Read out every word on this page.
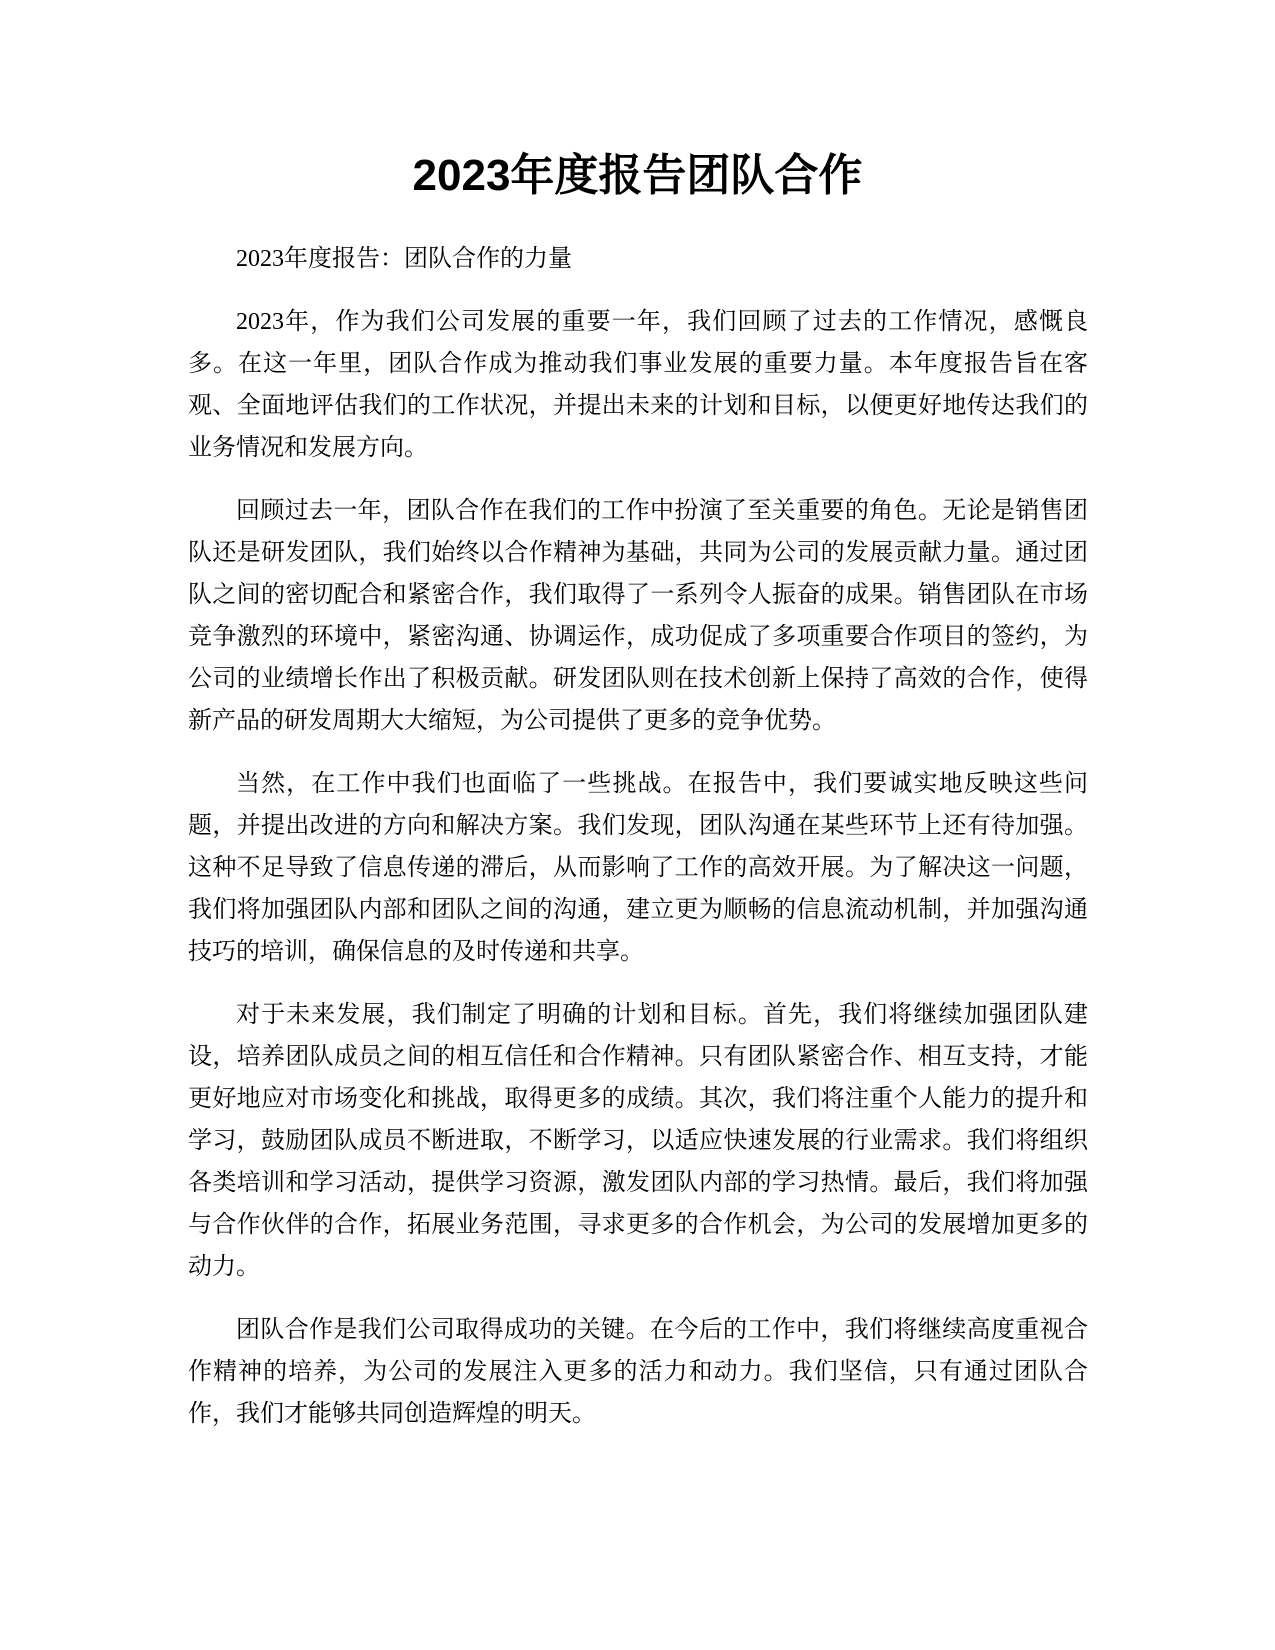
2023年度报告团队合作

2023年度报告：团队合作的力量

2023年，作为我们公司发展的重要一年，我们回顾了过去的工作情况，感慨良多。在这一年里，团队合作成为推动我们事业发展的重要力量。本年度报告旨在客观、全面地评估我们的工作状况，并提出未来的计划和目标，以便更好地传达我们的业务情况和发展方向。

回顾过去一年，团队合作在我们的工作中扮演了至关重要的角色。无论是销售团队还是研发团队，我们始终以合作精神为基础，共同为公司的发展贡献力量。通过团队之间的密切配合和紧密合作，我们取得了一系列令人振奋的成果。销售团队在市场竞争激烈的环境中，紧密沟通、协调运作，成功促成了多项重要合作项目的签约，为公司的业绩增长作出了积极贡献。研发团队则在技术创新上保持了高效的合作，使得新产品的研发周期大大缩短，为公司提供了更多的竞争优势。

当然，在工作中我们也面临了一些挑战。在报告中，我们要诚实地反映这些问题，并提出改进的方向和解决方案。我们发现，团队沟通在某些环节上还有待加强。这种不足导致了信息传递的滞后，从而影响了工作的高效开展。为了解决这一问题，我们将加强团队内部和团队之间的沟通，建立更为顺畅的信息流动机制，并加强沟通技巧的培训，确保信息的及时传递和共享。

对于未来发展，我们制定了明确的计划和目标。首先，我们将继续加强团队建设，培养团队成员之间的相互信任和合作精神。只有团队紧密合作、相互支持，才能更好地应对市场变化和挑战，取得更多的成绩。其次，我们将注重个人能力的提升和学习，鼓励团队成员不断进取，不断学习，以适应快速发展的行业需求。我们将组织各类培训和学习活动，提供学习资源，激发团队内部的学习热情。最后，我们将加强与合作伙伴的合作，拓展业务范围，寻求更多的合作机会，为公司的发展增加更多的动力。

团队合作是我们公司取得成功的关键。在今后的工作中，我们将继续高度重视合作精神的培养，为公司的发展注入更多的活力和动力。我们坚信，只有通过团队合作，我们才能够共同创造辉煌的明天。
